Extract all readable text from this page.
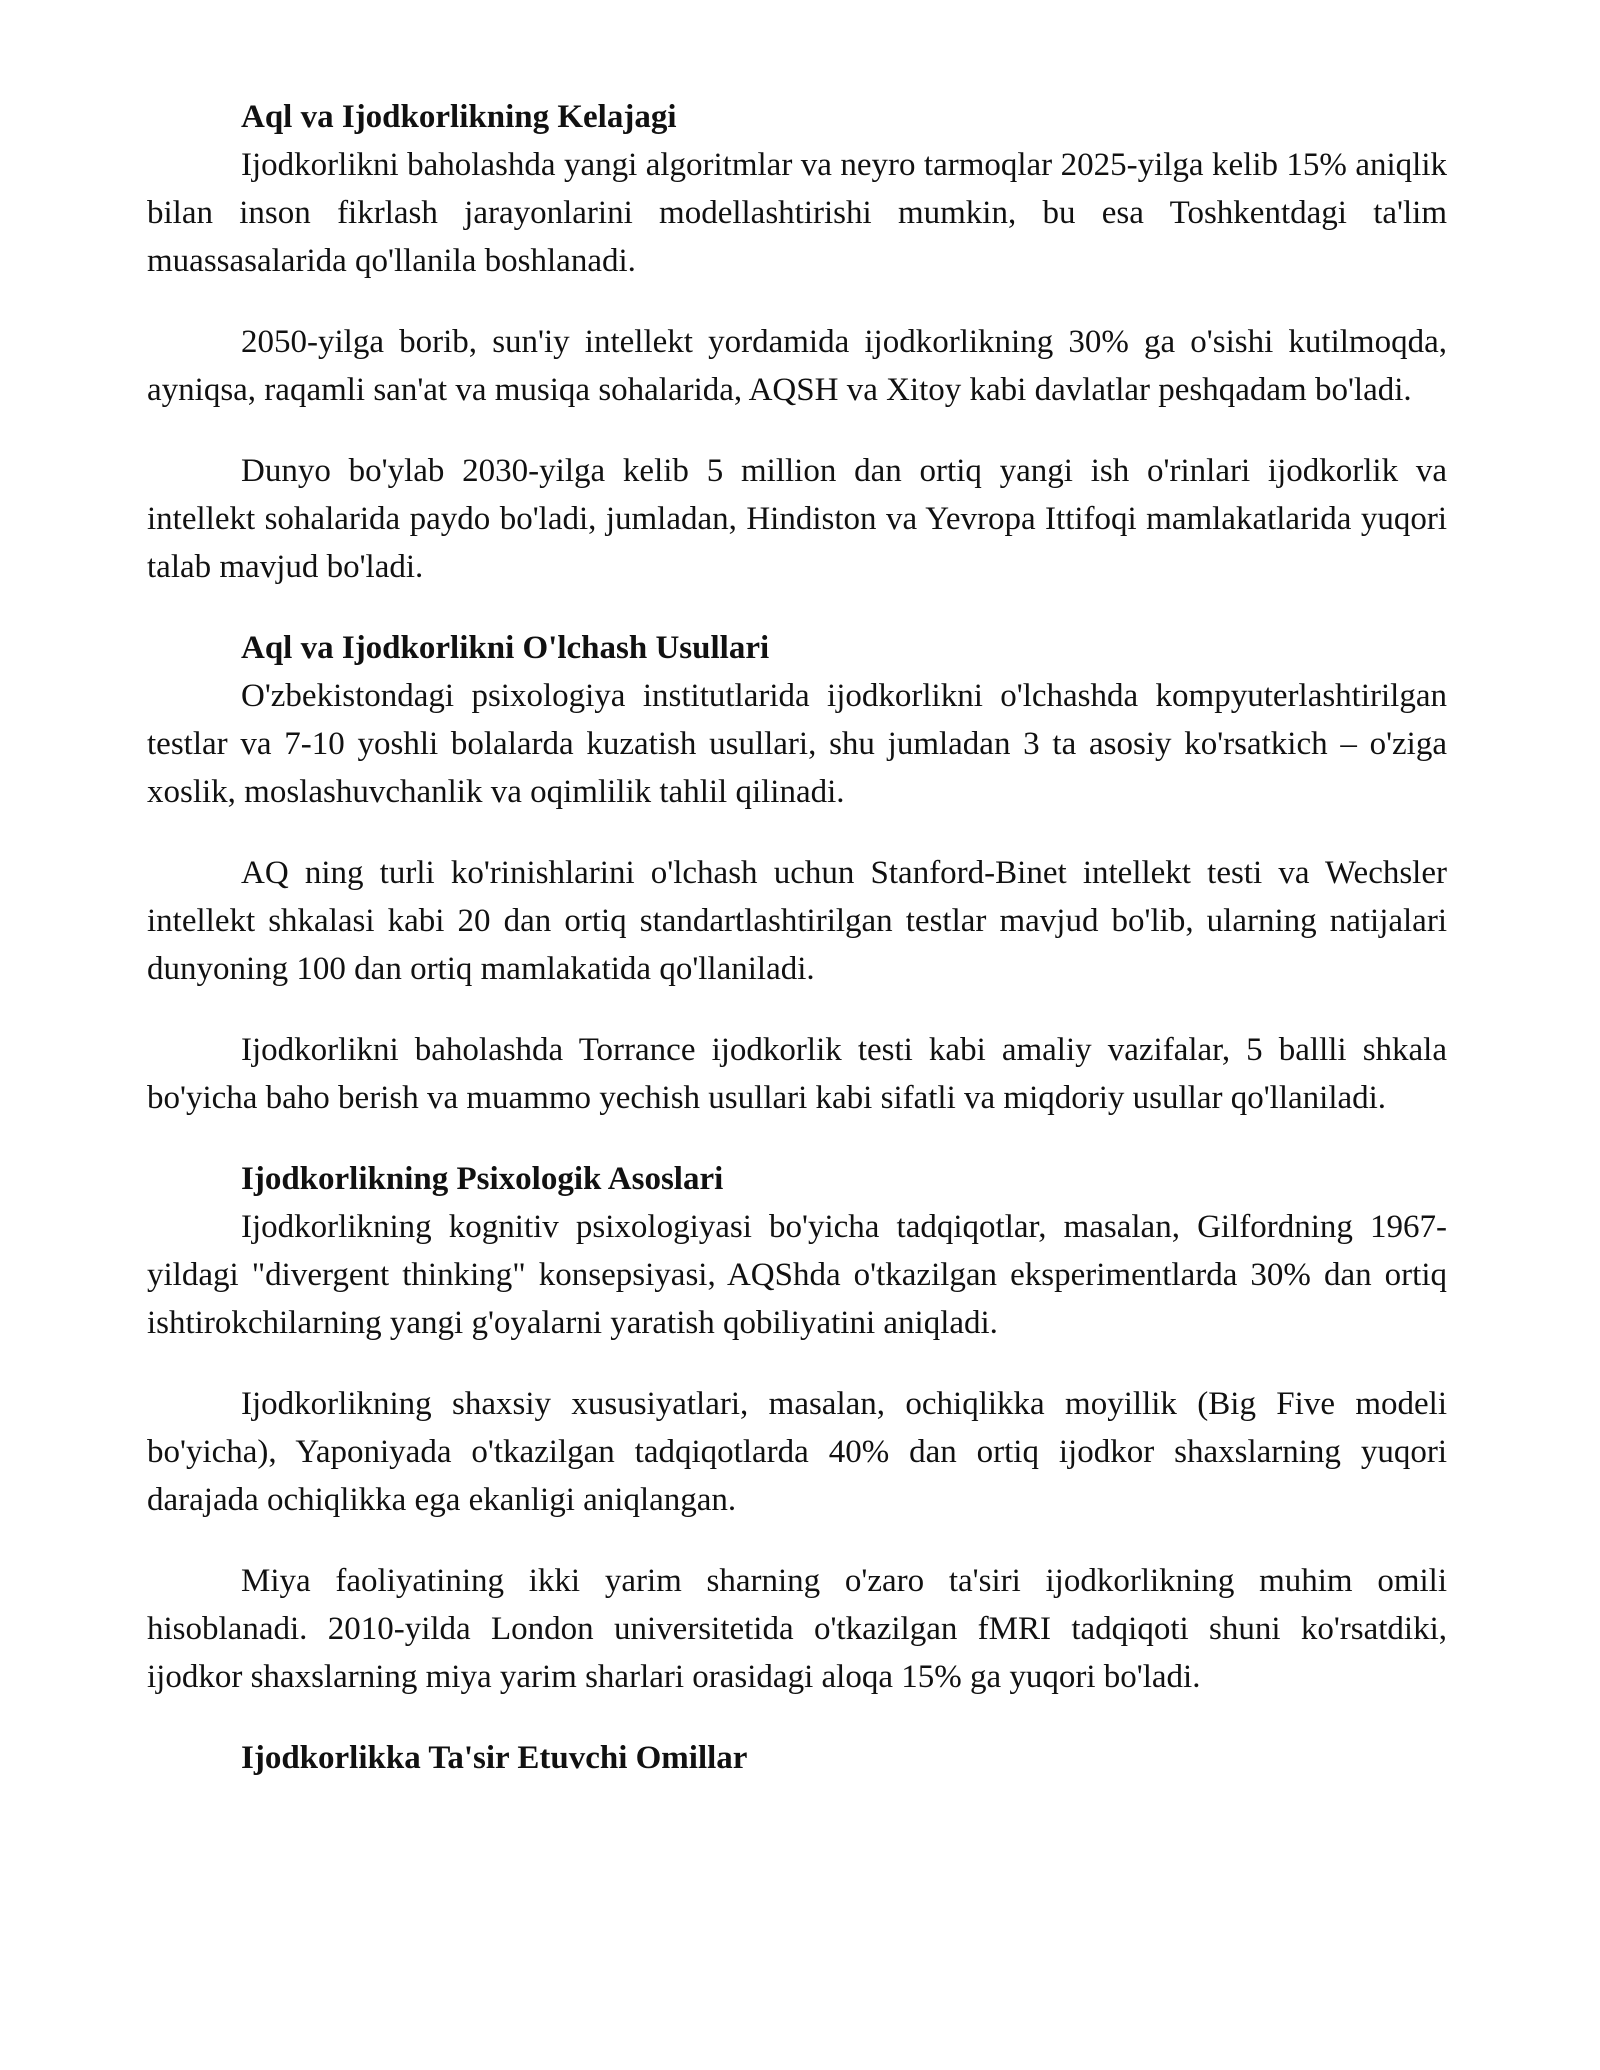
Aql va Ijodkorlikning Kelajagi

Ijodkorlikni baholashda yangi algoritmlar va neyro tarmoqlar 2025-yilga kelib 15% aniqlik bilan inson fikrlash jarayonlarini modellashtirishi mumkin, bu esa Toshkentdagi ta'lim muassasalarida qo'llanila boshlanadi.

2050-yilga borib, sun'iy intellekt yordamida ijodkorlikning 30% ga o'sishi kutilmoqda, ayniqsa, raqamli san'at va musiqa sohalarida, AQSH va Xitoy kabi davlatlar peshqadam bo'ladi.

Dunyo bo'ylab 2030-yilga kelib 5 million dan ortiq yangi ish o'rinlari ijodkorlik va intellekt sohalarida paydo bo'ladi, jumladan, Hindiston va Yevropa Ittifoqi mamlakatlarida yuqori talab mavjud bo'ladi.

Aql va Ijodkorlikni O'lchash Usullari

O'zbekistondagi psixologiya institutlarida ijodkorlikni o'lchashda kompyuterlashtirilgan testlar va 7-10 yoshli bolalarda kuzatish usullari, shu jumladan 3 ta asosiy ko'rsatkich – o'ziga xoslik, moslashuvchanlik va oqimlilik tahlil qilinadi.

AQ ning turli ko'rinishlarini o'lchash uchun Stanford-Binet intellekt testi va Wechsler intellekt shkalasi kabi 20 dan ortiq standartlashtirilgan testlar mavjud bo'lib, ularning natijalari dunyoning 100 dan ortiq mamlakatida qo'llaniladi.

Ijodkorlikni baholashda Torrance ijodkorlik testi kabi amaliy vazifalar, 5 ballli shkala bo'yicha baho berish va muammo yechish usullari kabi sifatli va miqdoriy usullar qo'llaniladi.

Ijodkorlikning Psixologik Asoslari

Ijodkorlikning kognitiv psixologiyasi bo'yicha tadqiqotlar, masalan, Gilfordning 1967-yildagi "divergent thinking" konsepsiyasi, AQShda o'tkazilgan eksperimentlarda 30% dan ortiq ishtirokchilarning yangi g'oyalarni yaratish qobiliyatini aniqladi.

Ijodkorlikning shaxsiy xususiyatlari, masalan, ochiqlikka moyillik (Big Five modeli bo'yicha), Yaponiyada o'tkazilgan tadqiqotlarda 40% dan ortiq ijodkor shaxslarning yuqori darajada ochiqlikka ega ekanligi aniqlangan.

Miya faoliyatining ikki yarim sharning o'zaro ta'siri ijodkorlikning muhim omili hisoblanadi. 2010-yilda London universitetida o'tkazilgan fMRI tadqiqoti shuni ko'rsatdiki, ijodkor shaxslarning miya yarim sharlari orasidagi aloqa 15% ga yuqori bo'ladi.

Ijodkorlikka Ta'sir Etuvchi Omillar
